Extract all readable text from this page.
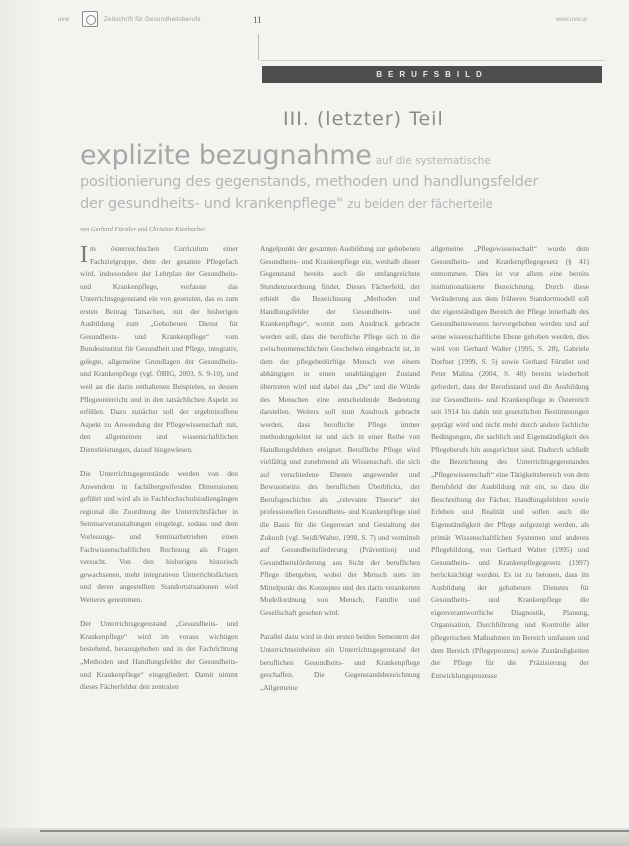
uvw	Zeitschrift für Gesundheitsberufe	11	www.uvw.at
BERUFSBILD
III. (letzter) Teil
explizite bezugnahme auf die systematische
positionierung des gegenstands, methoden und handlungsfelder
der gesundheits- und krankenpflege" zu beiden der fächerteile
von Gerhard Fürstler und Christian Kienbacher

Im österreichischen Curriculum einer Fachzielgruppe, dem der gesamte Pflegefach wird, insbesondere der Lehrplan der Gesundheits- und Krankenpflege, verfasste das Unterrichtsgegenstand ein von gesetzten, das es zum ersten Beitrag Tatsachen, mit der bisherigen Ausbildung zum „Gehobenen Dienst für Gesundheits- und Krankenpflege“ vom Bundesinstitut für Gesundheit und Pflege, integrativ, gelegte, allgemeine Grundlagen der Gesundheits- und Krankenpflege (vgl. ÖBIG, 2003, S. 9-10), und weil an die darin enthaltenen Beispielen, so dessen Pflegeunterricht und in den tatsächlichen Aspekt zu erfüllen. Dazu zunächst soll der ergebnisoffene Aspekt zu Anwendung der Pflegewissenschaft mit, den allgemeinen und wissenschaftlichen Dienstleistungen, darauf hingewiesen.

Die Unterrichtsgegenstände werden von den Anwendern in fachübergreifenden Dimensionen geführt und wird als in Fachhochschulstudiengängen regional die Zuordnung der Unterrichtsfächer in Seminarveranstaltungen eingelegt, sodass und dem Vorlesungs- und Seminarbetrieben einen Fachwissenschaftlichen Rechnung als Fragen versucht. Von den bisherigen historisch gewachsenen, mehr integrativen Unterrichtsfächern und deren angestellten Standortsituationen wird Weiteres genommen.

Der Unterrichtsgegenstand „Gesundheits- und Krankenpflege“ wird im voraus wichtigen bestehend, herausgehoben und in der Fachrichtung „Methoden und Handlungsfelder der Gesundheits- und Krankenpflege“ eingegliedert. Damit nimmt dieses Fächerfelder den zentralen

Angelpunkt der gesamten Ausbildung zur gehobenen Gesundheits- und Krankenpflege ein, weshalb dieser Gegenstand bereits auch die umfangreichste Stundenzuordnung findet. Dieses Fächerfeld, der erhielt die Bezeichnung „Methoden und Handlungsfelder der Gesundheits- und Krankenpflege“, womit zum Ausdruck gebracht werden soll, dass die berufliche Pflege sich in die zwischenmenschlichen Geschehen eingebracht ist, in dem der pflegebedürftige Mensch von einem abhängigen in einen unabhängigen Zustand übertreten wird und dabei das „Du“ und die Würde des Menschen eine entscheidende Bedeutung darstellen. Weiters soll zum Ausdruck gebracht werden, dass berufliche Pflege immer methodengeleitet ist und sich in einer Reihe von Handlungsfeldern ereignet. Berufliche Pflege wird vielfältig und zunehmend als Wissenschaft, die sich auf verschiedene Ebenen angewendet und Bewusstseins des beruflichen Überblicks, der Berufsgeschichte als „relevante Theorie“ der professionellen Gesundheits- und Krankenpflege sind die Basis für die Gegenwart und Gestaltung der Zukunft (vgl. Seidl/Walter, 1998, S. 7) und vermittelt auf Gesundheitsförderung (Prävention) und Gesundheitsförderung aus Sicht der beruflichen Pflege übergeben, wobei der Mensch stets im Mittelpunkt des Konzeptes und des darin verankerten Modellordnung von Mensch, Familie und Gesellschaft gesehen wird.

Parallel dazu wird in den ersten beiden Semestern der Unterrichtseinheiten ein Unterrichtsgegenstand der beruflichen Gesundheits- und Krankenpflege geschaffen. Die Gegenstandsbezeichnung „Allgemeine

allgemeine „Pflegewissenschaft“ wurde dem Gesundheits- und Krankenpflegegesetz (§ 41) entnommen. Dies ist vor allem eine bereits institutionalisierte Bezeichnung. Durch diese Veränderung aus dem früheren Standortmodell soll der eigenständigen Bereich der Pflege innerhalb des Gesundheitswesens hervorgehoben werden und auf seine wissenschaftliche Ebene gehoben werden, dies wird von Gerhard Walter (1995, S. 28), Gabriele Dorfner (1999, S. 5) sowie Gerhard Fürstler und Peter Malina (2004, S. 40) bereits wiederholt gefordert, dass der Berufsstand und die Ausbildung zur Gesundheits- und Krankenpflege in Österreich seit 1914 bis dahin mit gesetzlichen Bestimmungen geprägt wird und nicht mehr durch andere fachliche Bedingungen, die sachlich und Eigenständigkeit des Pflegeberufs hin ausgerichtet sind. Dadurch schließt die Bezeichnung des Unterrichtsgegenstandes „Pflegewissenschaft“ eine Tätigkeitsbereich von dem Berufsfeld der Ausbildung mit ein, so dass die Beschreibung der Fächer, Handlungsfeldern sowie Erleben und Realität und sollen auch die Eigenständigkeit der Pflege aufgezeigt werden, als primär Wissenschaftlichen Systemen und anderen Pflegebildung, von Gerhard Walter (1995) und Gesundheits- und Krankenpflegegesetz (1997) berücksichtigt werden. Es ist zu betonen, dass im Ausbildung der gehobenen Dienstes für Gesundheits- und Krankenpflege die eigenverantwortliche Diagnostik, Planung, Organisation, Durchführung und Kontrolle aller pflegerischen Maßnahmen im Bereich umfassen und dem Bereich (Pflegeprozess) sowie Zuständigkeiten der Pflege für die Präzisierung der Entwicklungsprozesse
